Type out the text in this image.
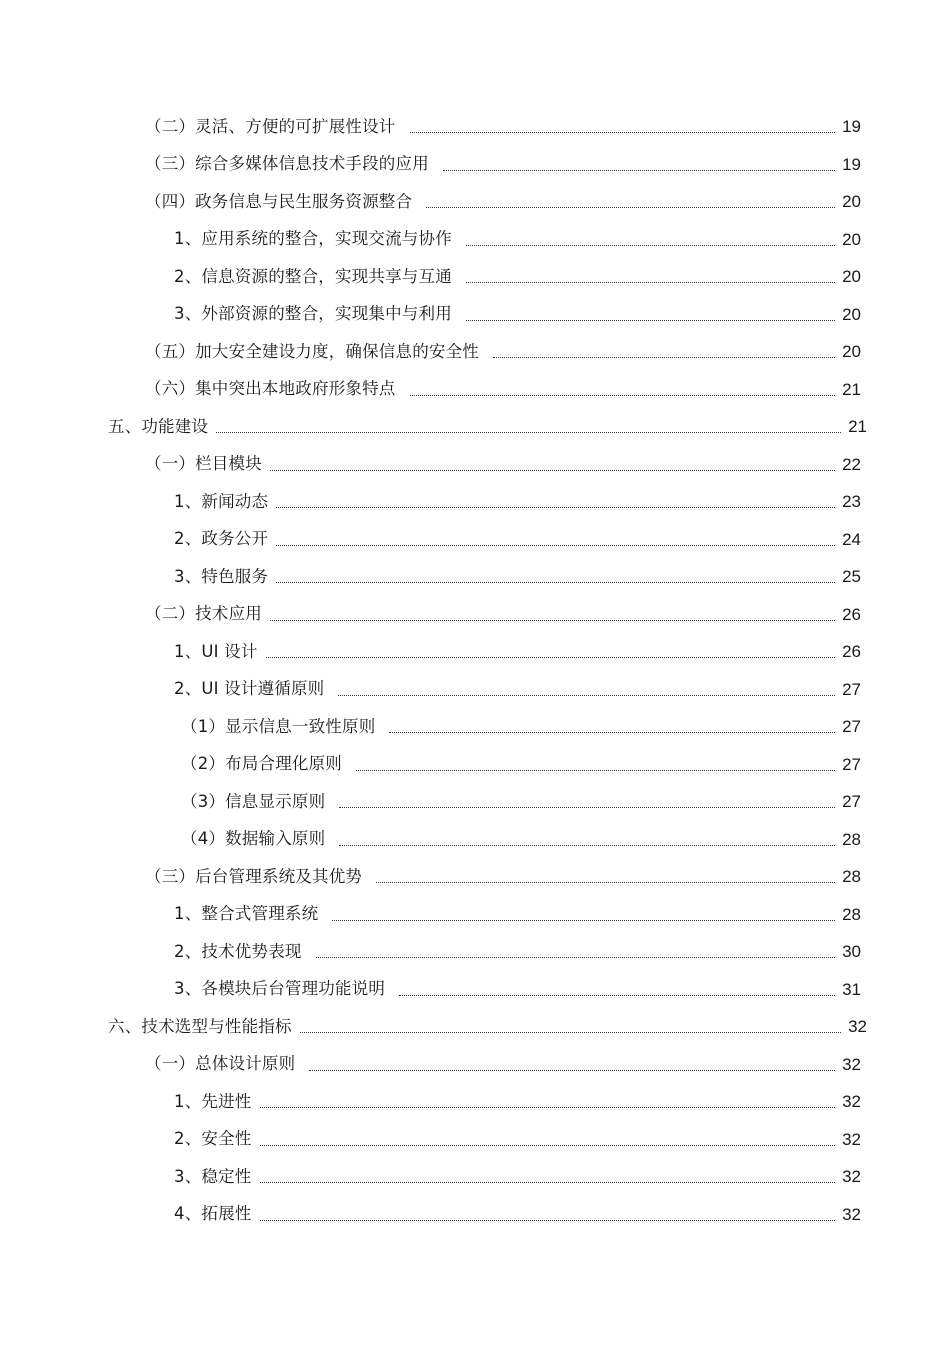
（二）灵活、方便的可扩展性设计	19
（三）综合多媒体信息技术手段的应用	19
（四）政务信息与民生服务资源整合	20
1、应用系统的整合，实现交流与协作	20
2、信息资源的整合，实现共享与互通	20
3、外部资源的整合，实现集中与利用	20
（五）加大安全建设力度，确保信息的安全性	20
（六）集中突出本地政府形象特点	21
五、功能建设	21
（一）栏目模块	22
1、新闻动态	23
2、政务公开	24
3、特色服务	25
（二）技术应用	26
1、UI 设计	26
2、UI 设计遵循原则	27
（1）显示信息一致性原则	27
（2）布局合理化原则	27
（3）信息显示原则	27
（4）数据输入原则	28
（三）后台管理系统及其优势	28
1、整合式管理系统	28
2、技术优势表现	30
3、各模块后台管理功能说明	31
六、技术选型与性能指标	32
（一）总体设计原则	32
1、先进性	32
2、安全性	32
3、稳定性	32
4、拓展性	32
